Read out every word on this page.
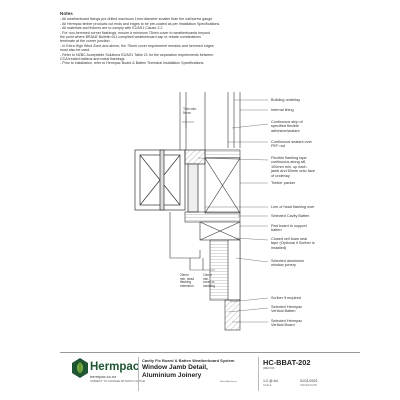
Notes
- All weatherboard fixings pre-drilled maximum 1mm diameter smaller than the nail/screw gauge
- All Hermpac timber products cut ends and edges to be pre-coated as per Installation Specifications.
- All materials and fixtures are to comply with E2/AS1 Clause 2.2
- For non-hemmed corner flashings, ensure a minimum 75mm cover to weatherboards beyond
the point where BRANZ Bulletin 611 compliant weatherboard cap or rebate combinations
terminate at the corner junction.
- In Extra High Wind Zone and above, the 75mm cover requirement remains and hemmed edges
must also be used.
- Refer to NZBC Acceptable Solutions E2/AS1 Table 21 for the separation requirements between
CCA treated battens and metal flashings.
- Prior to installation, refer to Hermpac Board & Batten Technical Installation Specifications.
Building underlay
Internal lining
Continuous strip of
specified flexible
adhesive/sealant
Continuous sealant over
PEF rod
Flexible flashing tape
continuous along sill,
100mm min. up each
jamb and 50mm onto face
of underlay
Timber packer
Line of head flashing over
Selected Cavity Batten
Part board to support
batten
Closed cell foam seal
tape (Optional if Scriber is
installed)
Selected aluminium
window joinery
Scriber if required
Selected Hermpac
Vertical Batten
Selected Hermpac
Vertical Board
Trim min.
5mm
20mm
min. head
flashing
extension
10mm
min.
cover to
cladding
Hermpac
hermpac.co.nz
SUBJECT TO CHANGE WITHOUT NOTICE
Cavity Fix Board & Batten Weatherboard System
Window Jamb Detail,
Aluminium Joinery
Marvel Architects
HC-BBAT-202
(REV00)
1:2 @ A4
SCALE
01/11/2021
ISSUED DATE
